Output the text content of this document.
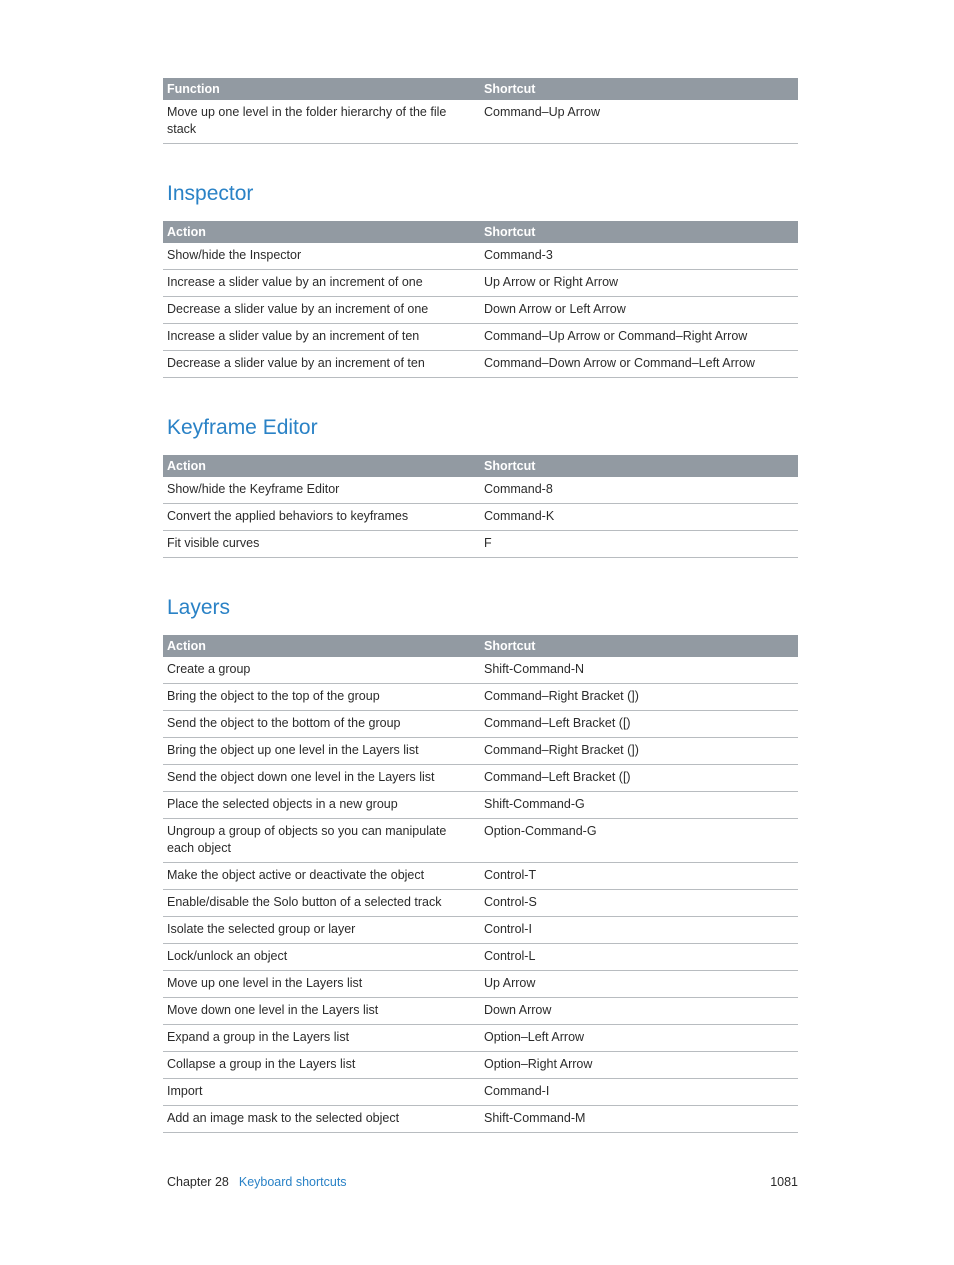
Function	Shortcut
Move up one level in the folder hierarchy of the file stack	Command–Up Arrow
Inspector
Action	Shortcut
Show/hide the Inspector	Command-3
Increase a slider value by an increment of one	Up Arrow or Right Arrow
Decrease a slider value by an increment of one	Down Arrow or Left Arrow
Increase a slider value by an increment of ten	Command–Up Arrow or Command–Right Arrow
Decrease a slider value by an increment of ten	Command–Down Arrow or Command–Left Arrow
Keyframe Editor
Action	Shortcut
Show/hide the Keyframe Editor	Command-8
Convert the applied behaviors to keyframes	Command-K
Fit visible curves	F
Layers
Action	Shortcut
Create a group	Shift-Command-N
Bring the object to the top of the group	Command–Right Bracket (])
Send the object to the bottom of the group	Command–Left Bracket ([)
Bring the object up one level in the Layers list	Command–Right Bracket (])
Send the object down one level in the Layers list	Command–Left Bracket ([)
Place the selected objects in a new group	Shift-Command-G
Ungroup a group of objects so you can manipulate each object	Option-Command-G
Make the object active or deactivate the object	Control-T
Enable/disable the Solo button of a selected track	Control-S
Isolate the selected group or layer	Control-I
Lock/unlock an object	Control-L
Move up one level in the Layers list	Up Arrow
Move down one level in the Layers list	Down Arrow
Expand a group in the Layers list	Option–Left Arrow
Collapse a group in the Layers list	Option–Right Arrow
Import	Command-I
Add an image mask to the selected object	Shift-Command-M
Chapter 28 Keyboard shortcuts	1081
